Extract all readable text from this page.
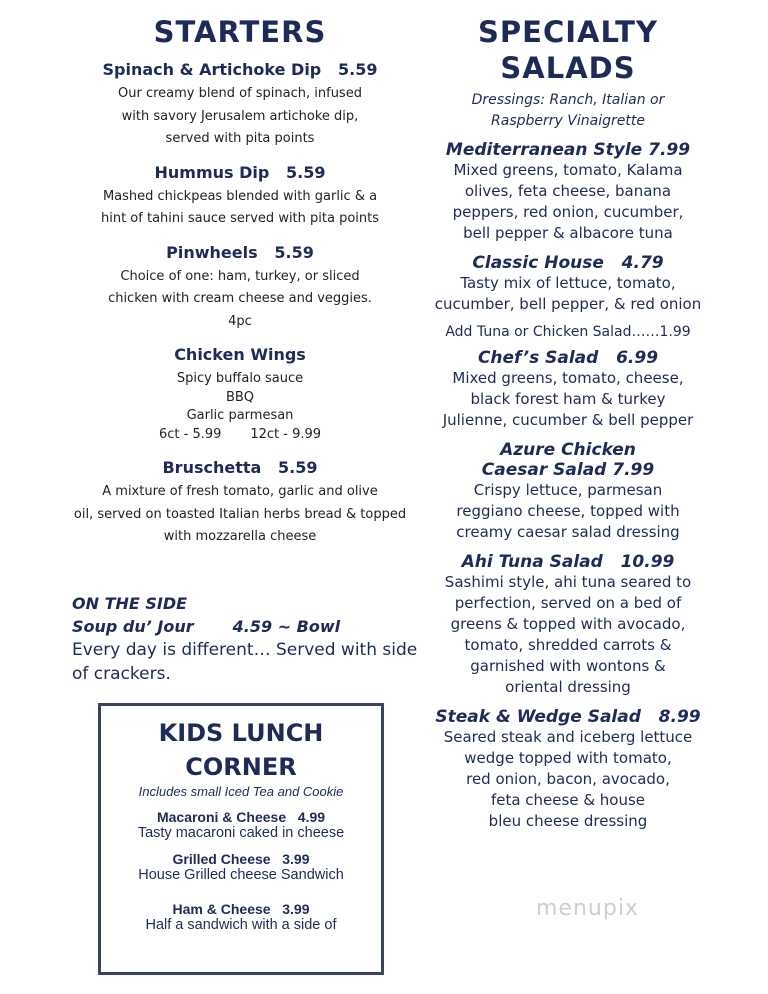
STARTERS
Spinach & Artichoke Dip 5.59
Our creamy blend of spinach, infused
with savory Jerusalem artichoke dip,
served with pita points
Hummus Dip 5.59
Mashed chickpeas blended with garlic & a
hint of tahini sauce served with pita points
Pinwheels 5.59
Choice of one: ham, turkey, or sliced
chicken with cream cheese and veggies.
4pc
Chicken Wings
Spicy buffalo sauce
BBQ
Garlic parmesan
6ct - 5.99       12ct - 9.99
Bruschetta 5.59
A mixture of fresh tomato, garlic and olive
oil, served on toasted Italian herbs bread & topped
with mozzarella cheese
ON THE SIDE
Soup du’ Jour 4.59 ~ Bowl
Every day is different… Served with side of crackers.
KIDS LUNCH
CORNER
Includes small Iced Tea and Cookie
Macaroni & Cheese 4.99
Tasty macaroni caked in cheese
Grilled Cheese 3.99
House Grilled cheese Sandwich
Ham & Cheese 3.99
Half a sandwich with a side of
SPECIALTY
SALADS
Dressings: Ranch, Italian or
Raspberry Vinaigrette
Mediterranean Style 7.99
Mixed greens, tomato, Kalama
olives, feta cheese, banana
peppers, red onion, cucumber,
bell pepper & albacore tuna
Classic House 4.79
Tasty mix of lettuce, tomato,
cucumber, bell pepper, & red onion
Add Tuna or Chicken Salad……1.99
Chef’s Salad 6.99
Mixed greens, tomato, cheese,
black forest ham & turkey
Julienne, cucumber & bell pepper
Azure Chicken
Caesar Salad 7.99
Crispy lettuce, parmesan
reggiano cheese, topped with
creamy caesar salad dressing
Ahi Tuna Salad 10.99
Sashimi style, ahi tuna seared to
perfection, served on a bed of
greens & topped with avocado,
tomato, shredded carrots &
garnished with wontons &
oriental dressing
Steak & Wedge Salad 8.99
Seared steak and iceberg lettuce
wedge topped with tomato,
red onion, bacon, avocado,
feta cheese & house
bleu cheese dressing
menupix
